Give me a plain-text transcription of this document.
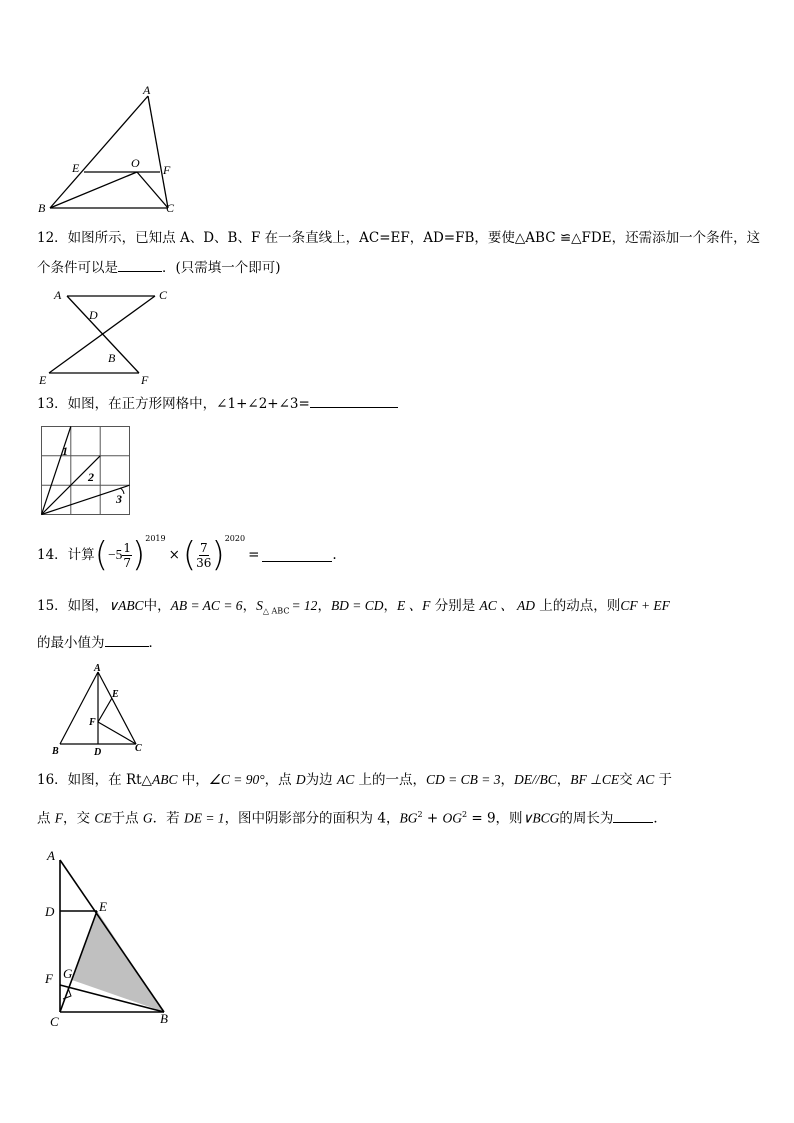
A
E	O F
B	C
12．如图所示，已知点 A、D、B、F 在一条直线上，AC=EF，AD=FB，要使△ABC ≌△FDE，还需添加一个条件，这
个条件可以是	．(只需填一个即可)
A	C
D
B
E	F
13．如图，在正方形网格中，∠1+∠2+∠3=
1
2
3
14．计算 ( $-5 \frac{1}{7}$ ) 2019
× ( $\frac{7}{36}$ ) 2020
=	.
15．如图，∨ABC中，AB = AC = 6，$S_{\triangle ABC} = 12$，BD = CD，E 、F 分别是 AC 、 AD 上的动点，则CF + EF
的最小值为	．
A
E
F
B	D	C
16．如图，在 Rt△ABC 中，∠C = 90°，点 D为边 AC 上的一点，CD = CB = 3，DE//BC，BF ⊥CE交 AC 于
点 F，交 CE于点 G．若 DE = 1，图中阴影部分的面积为 4，$BG^2 + OG^2 = 9$，则∨BCG的周长为	．
A
D	E
F G
C	B
